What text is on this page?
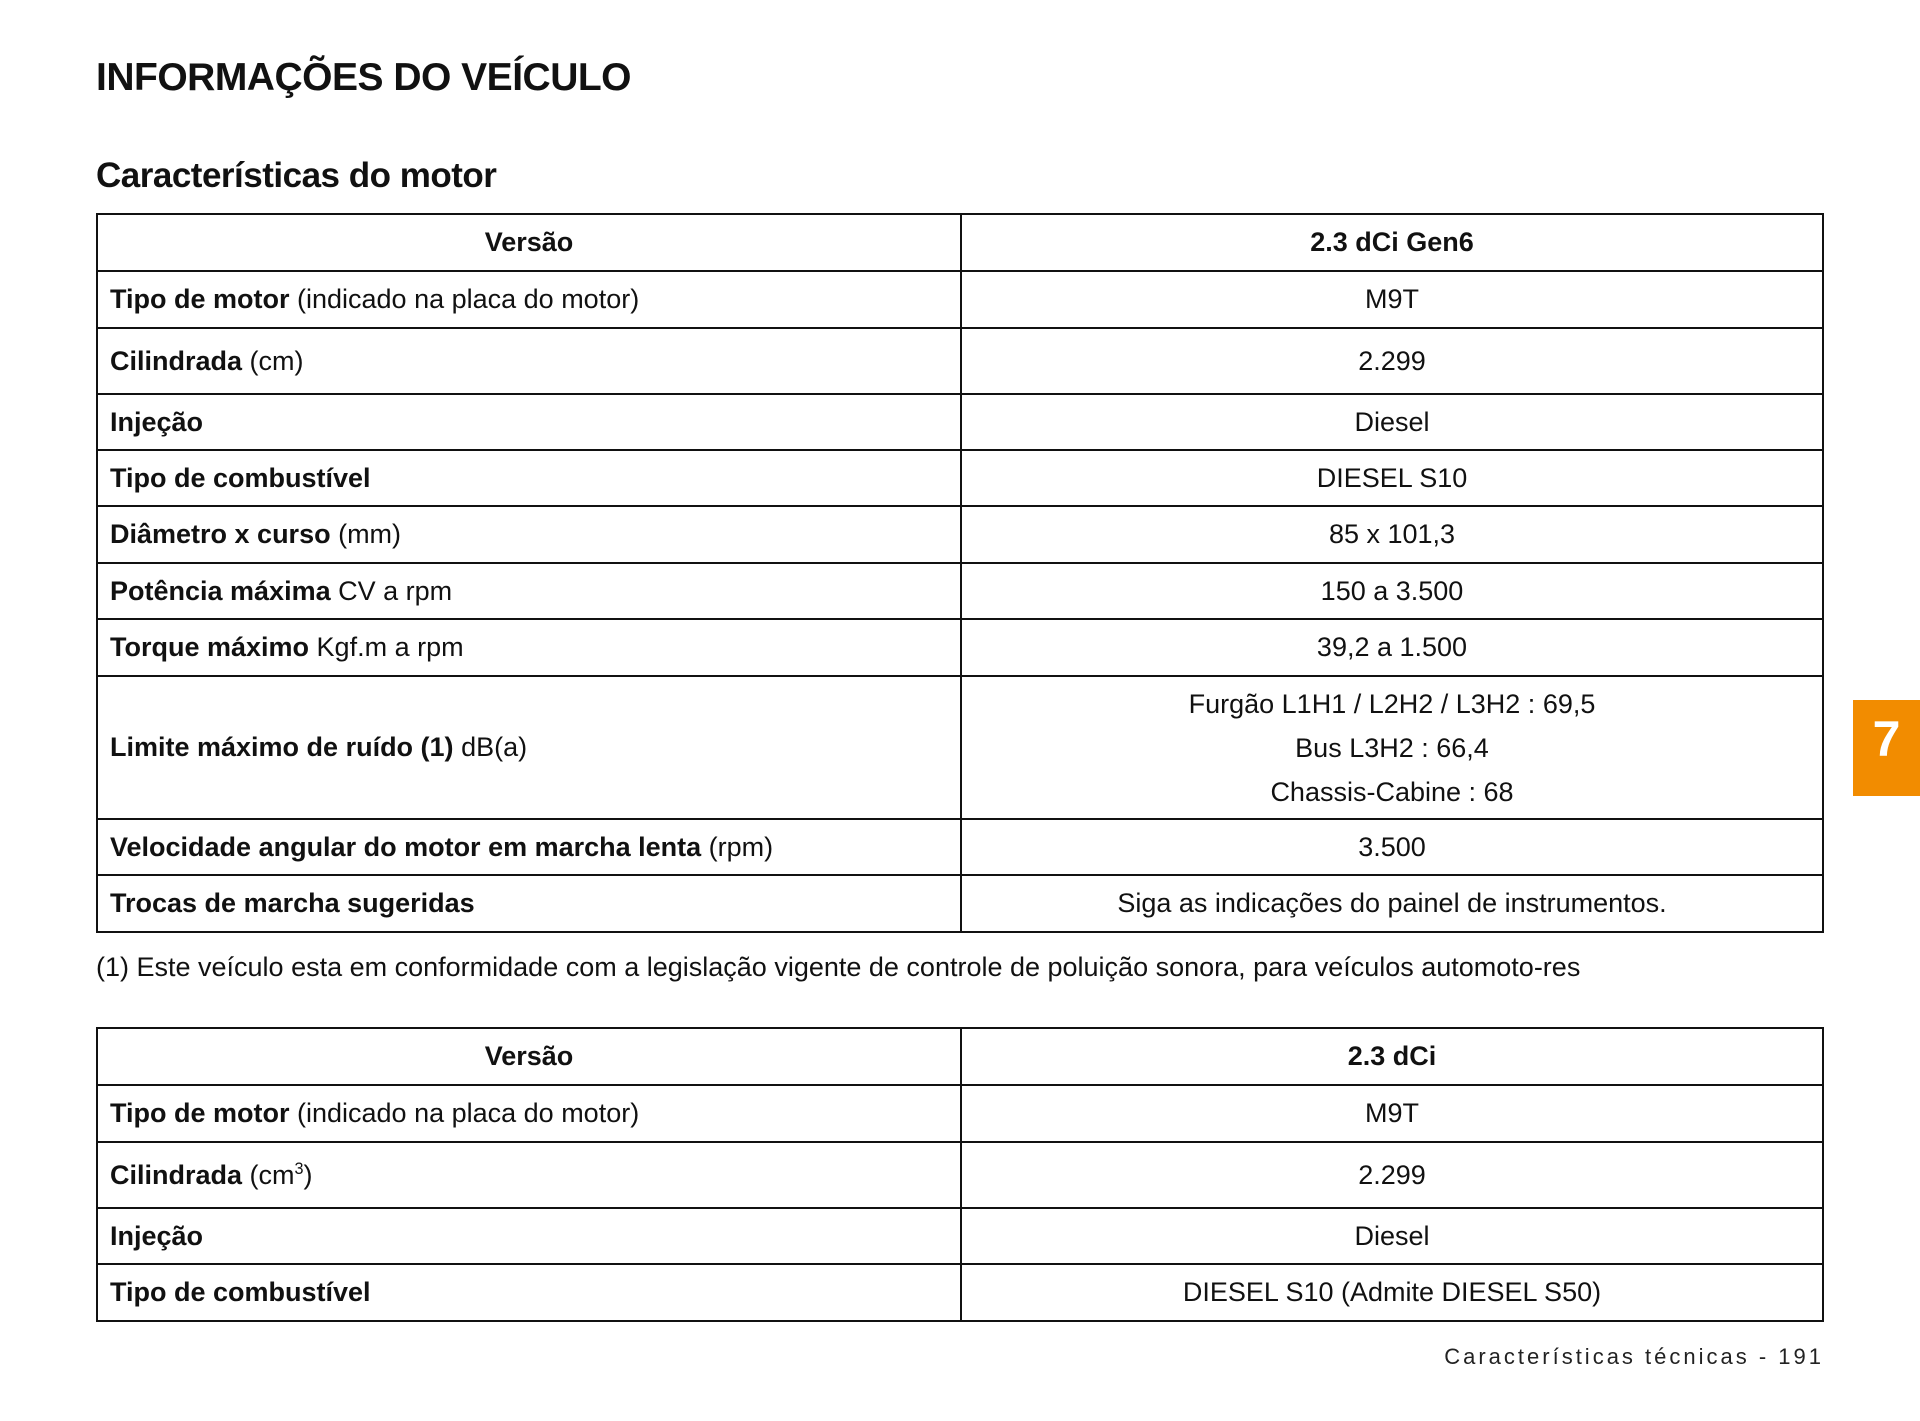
INFORMAÇÕES DO VEÍCULO
Características do motor
Versão	2.3 dCi Gen6
Tipo de motor (indicado na placa do motor)	M9T
Cilindrada (cm)	2.299
Injeção	Diesel
Tipo de combustível	DIESEL S10
Diâmetro x curso (mm)	85 x 101,3
Potência máxima CV a rpm	150 a 3.500
Torque máximo Kgf.m a rpm	39,2 a 1.500
Limite máximo de ruído (1) dB(a)	Furgão L1H1 / L2H2 / L3H2 : 69,5
Bus L3H2 : 66,4
Chassis-Cabine : 68

Velocidade angular do motor em marcha lenta (rpm)	3.500
Trocas de marcha sugeridas	Siga as indicações do painel de instrumentos.

(1) Este veículo esta em conformidade com a legislação vigente de controle de poluição sonora, para veículos automoto-res

Versão	2.3 dCi
Tipo de motor (indicado na placa do motor)	M9T
Cilindrada $(cm^3)$	2.299
Injeção	Diesel
Tipo de combustível	DIESEL S10 (Admite DIESEL S50)
7
Características técnicas - 191
